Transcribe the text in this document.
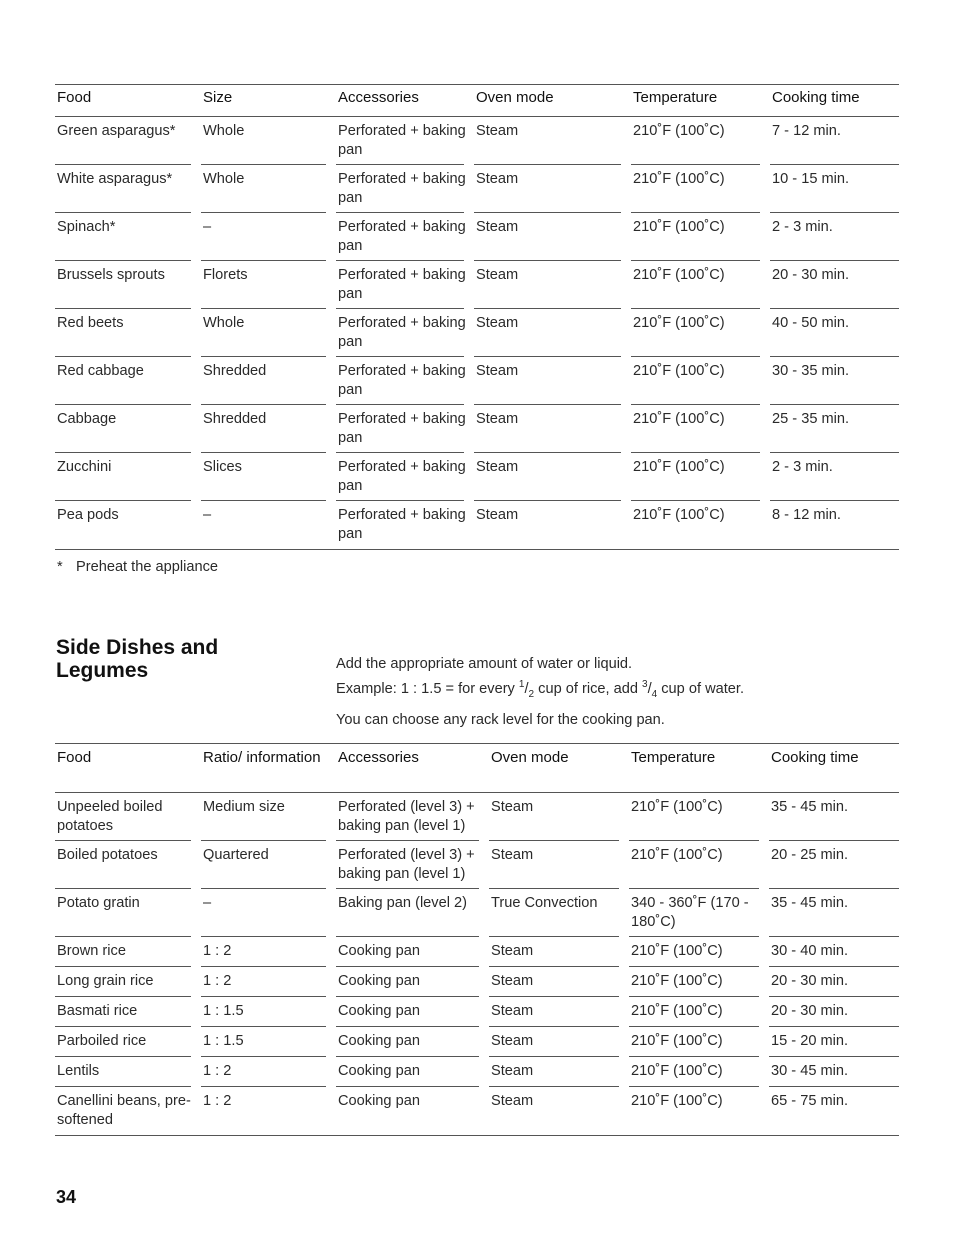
Food	Size	Accessories	Oven mode	Temperature	Cooking time
Green asparagus*	Whole	Perforated + baking pan	Steam	210˚F (100˚C)	7 - 12 min.
White asparagus*	Whole	Perforated + baking pan	Steam	210˚F (100˚C)	10 - 15 min.
Spinach*	–	Perforated + baking pan	Steam	210˚F (100˚C)	2 - 3 min.
Brussels sprouts	Florets	Perforated + baking pan	Steam	210˚F (100˚C)	20 - 30 min.
Red beets	Whole	Perforated + baking pan	Steam	210˚F (100˚C)	40 - 50 min.
Red cabbage	Shredded	Perforated + baking pan	Steam	210˚F (100˚C)	30 - 35 min.
Cabbage	Shredded	Perforated + baking pan	Steam	210˚F (100˚C)	25 - 35 min.
Zucchini	Slices	Perforated + baking pan	Steam	210˚F (100˚C)	2 - 3 min.
Pea pods	–	Perforated + baking pan	Steam	210˚F (100˚C)	8 - 12 min.
* Preheat the appliance
Side Dishes and Legumes	Add the appropriate amount of water or liquid.

Example: 1 : 1.5 = for every $^1/_2$ cup of rice, add $^3/_4$ cup of water.

You can choose any rack level for the cooking pan.

Food	Ratio/ information	Accessories	Oven mode	Temperature	Cooking time
Unpeeled boiled potatoes	Medium size	Perforated (level 3) + baking pan (level 1)	Steam	210˚F (100˚C)	35 - 45 min.
Boiled potatoes	Quartered	Perforated (level 3) + baking pan (level 1)	Steam	210˚F (100˚C)	20 - 25 min.
Potato gratin	–	Baking pan (level 2)	True Convection	340 - 360˚F (170 - 180˚C)	35 - 45 min.
Brown rice	1 : 2	Cooking pan	Steam	210˚F (100˚C)	30 - 40 min.
Long grain rice	1 : 2	Cooking pan	Steam	210˚F (100˚C)	20 - 30 min.
Basmati rice	1 : 1.5	Cooking pan	Steam	210˚F (100˚C)	20 - 30 min.
Parboiled rice	1 : 1.5	Cooking pan	Steam	210˚F (100˚C)	15 - 20 min.
Lentils	1 : 2	Cooking pan	Steam	210˚F (100˚C)	30 - 45 min.
Canellini beans, pre-softened	1 : 2	Cooking pan	Steam	210˚F (100˚C)	65 - 75 min.
34
